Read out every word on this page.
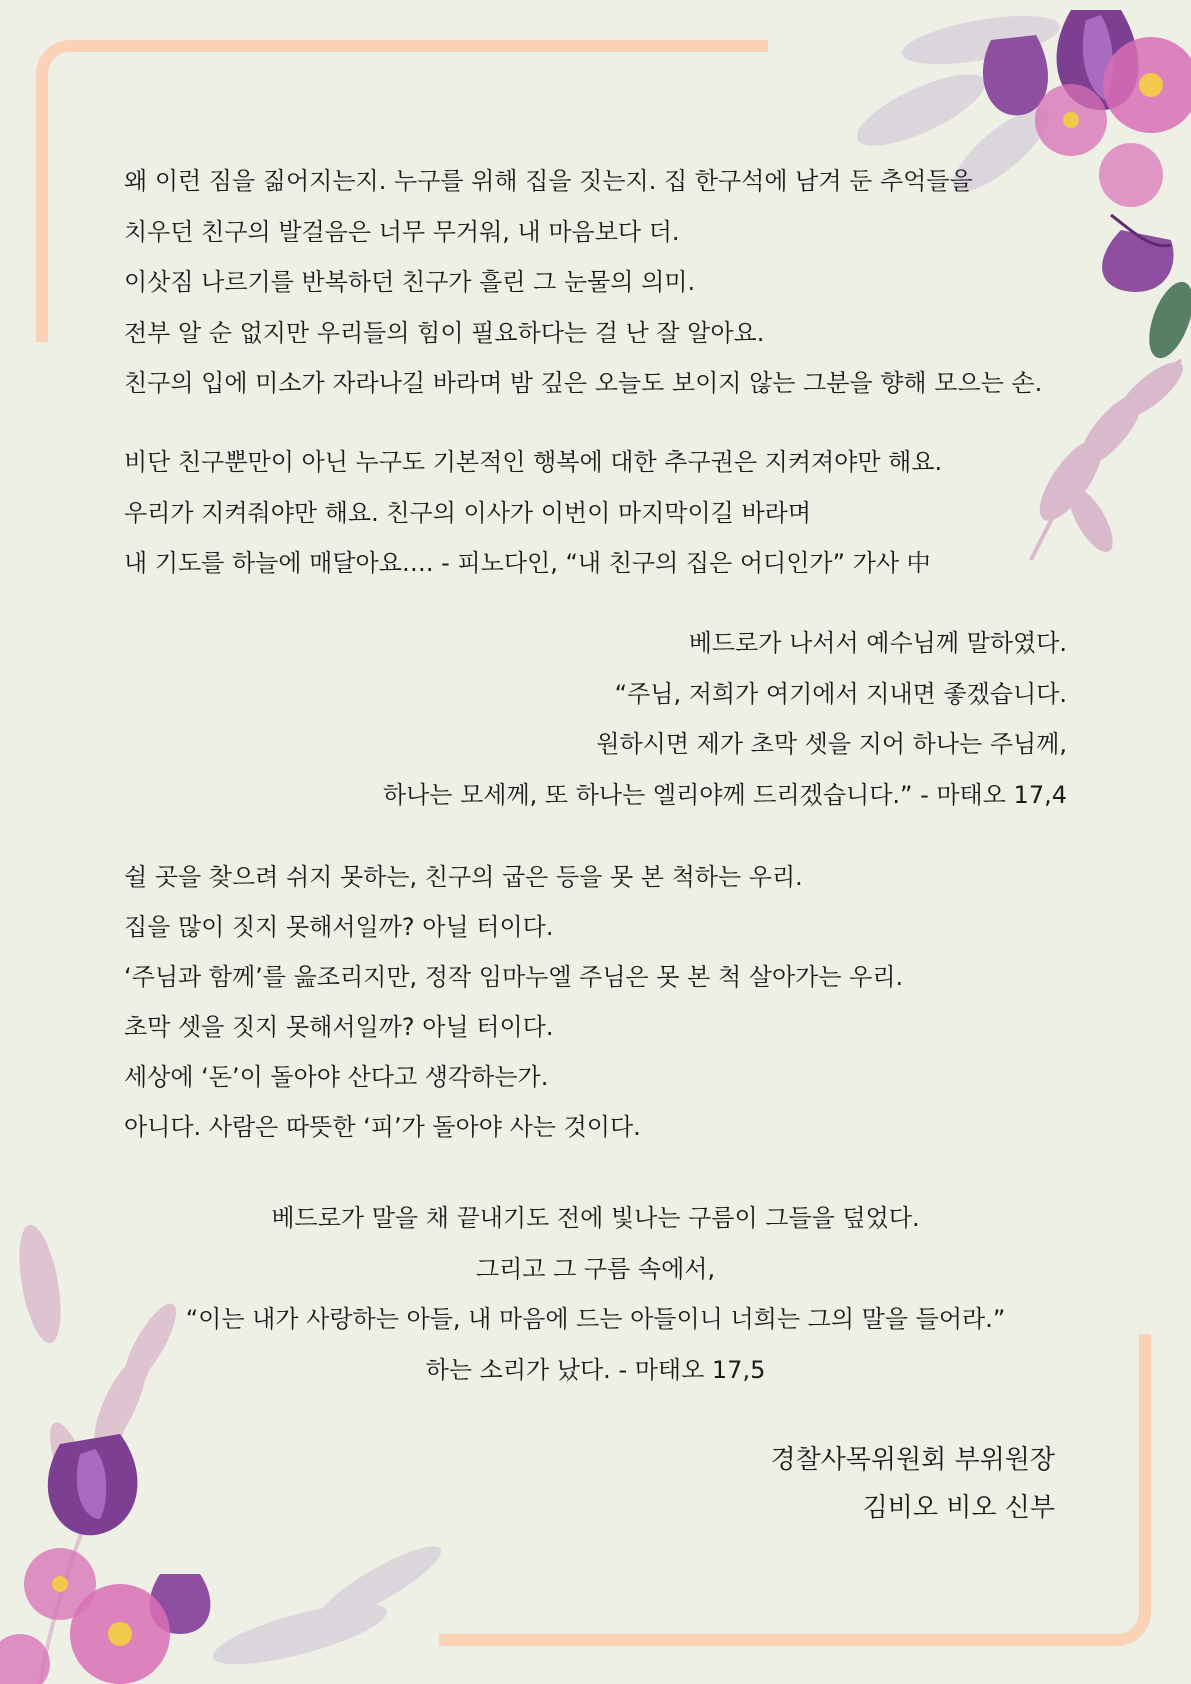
왜 이런 짐을 짊어지는지. 누구를 위해 집을 짓는지. 집 한구석에 남겨 둔 추억들을
치우던 친구의 발걸음은 너무 무거워, 내 마음보다 더.
이삿짐 나르기를 반복하던 친구가 흘린 그 눈물의 의미.
전부 알 순 없지만 우리들의 힘이 필요하다는 걸 난 잘 알아요.
친구의 입에 미소가 자라나길 바라며 밤 깊은 오늘도 보이지 않는 그분을 향해 모으는 손.
비단 친구뿐만이 아닌 누구도 기본적인 행복에 대한 추구권은 지켜져야만 해요.
우리가 지켜줘야만 해요. 친구의 이사가 이번이 마지막이길 바라며
내 기도를 하늘에 매달아요…. - 피노다인, “내 친구의 집은 어디인가” 가사 中
베드로가 나서서 예수님께 말하였다.
“주님, 저희가 여기에서 지내면 좋겠습니다.
원하시면 제가 초막 셋을 지어 하나는 주님께,
하나는 모세께, 또 하나는 엘리야께 드리겠습니다.” - 마태오 17,4
쉴 곳을 찾으려 쉬지 못하는, 친구의 굽은 등을 못 본 척하는 우리.
집을 많이 짓지 못해서일까? 아닐 터이다.
‘주님과 함께’를 읊조리지만, 정작 임마누엘 주님은 못 본 척 살아가는 우리.
초막 셋을 짓지 못해서일까? 아닐 터이다.
세상에 ‘돈’이 돌아야 산다고 생각하는가.
아니다. 사람은 따뜻한 ‘피’가 돌아야 사는 것이다.
베드로가 말을 채 끝내기도 전에 빛나는 구름이 그들을 덮었다.
그리고 그 구름 속에서,
“이는 내가 사랑하는 아들, 내 마음에 드는 아들이니 너희는 그의 말을 들어라.”
하는 소리가 났다. - 마태오 17,5
경찰사목위원회 부위원장
김비오 비오 신부
